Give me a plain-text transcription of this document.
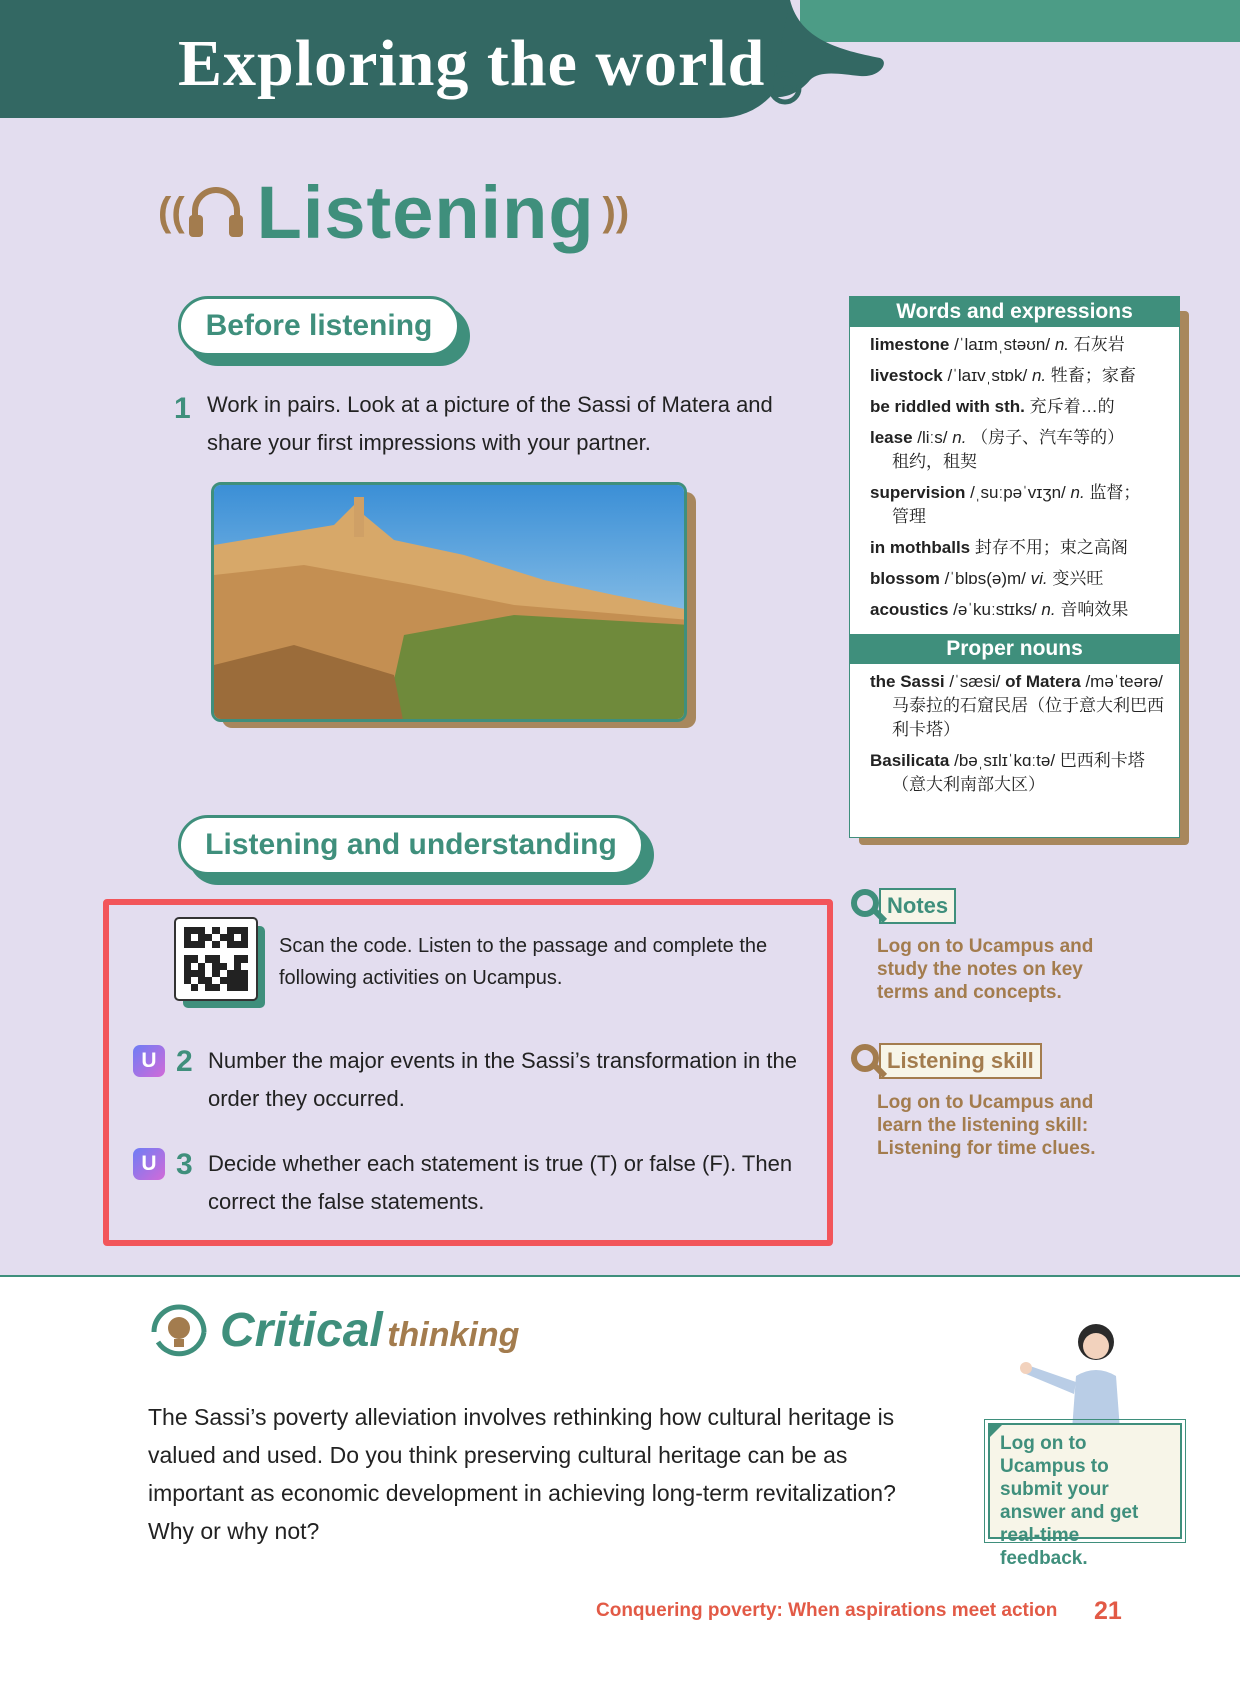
Exploring the world
(( Listening ))
Before listening
1 Work in pairs. Look at a picture of the Sassi of Matera and share your first impressions with your partner.
Words and expressions
limestone /ˈlaɪmˌstəʊn/ n. 石灰岩
livestock /ˈlaɪvˌstɒk/ n. 牲畜；家畜
be riddled with sth. 充斥着…的
lease /liːs/ n. （房子、汽车等的）
租约，租契
supervision /ˌsuːpəˈvɪʒn/ n. 监督；
管理
in mothballs 封存不用；束之高阁
blossom /ˈblɒs(ə)m/ vi. 变兴旺
acoustics /əˈkuːstɪks/ n. 音响效果
Proper nouns
the Sassi /ˈsæsi/ of Matera /məˈteərə/
马泰拉的石窟民居（位于意大利巴西利卡塔）
Basilicata /bəˌsɪlɪˈkɑːtə/ 巴西利卡塔
（意大利南部大区）
Listening and understanding
Notes
Log on to Ucampus and study the notes on key terms and concepts.
Listening skill
Log on to Ucampus and learn the listening skill: Listening for time clues.
Scan the code. Listen to the passage and complete the following activities on Ucampus.
U 2 Number the major events in the Sassi’s transformation in the order they occurred.
U 3 Decide whether each statement is true (T) or false (F). Then correct the false statements.
Critical thinking
The Sassi’s poverty alleviation involves rethinking how cultural heritage is valued and used. Do you think preserving cultural heritage can be as important as economic development in achieving long-term revitalization? Why or why not?
Log on to Ucampus to submit your answer and get real-time feedback.
Conquering poverty: When aspirations meet action 21
